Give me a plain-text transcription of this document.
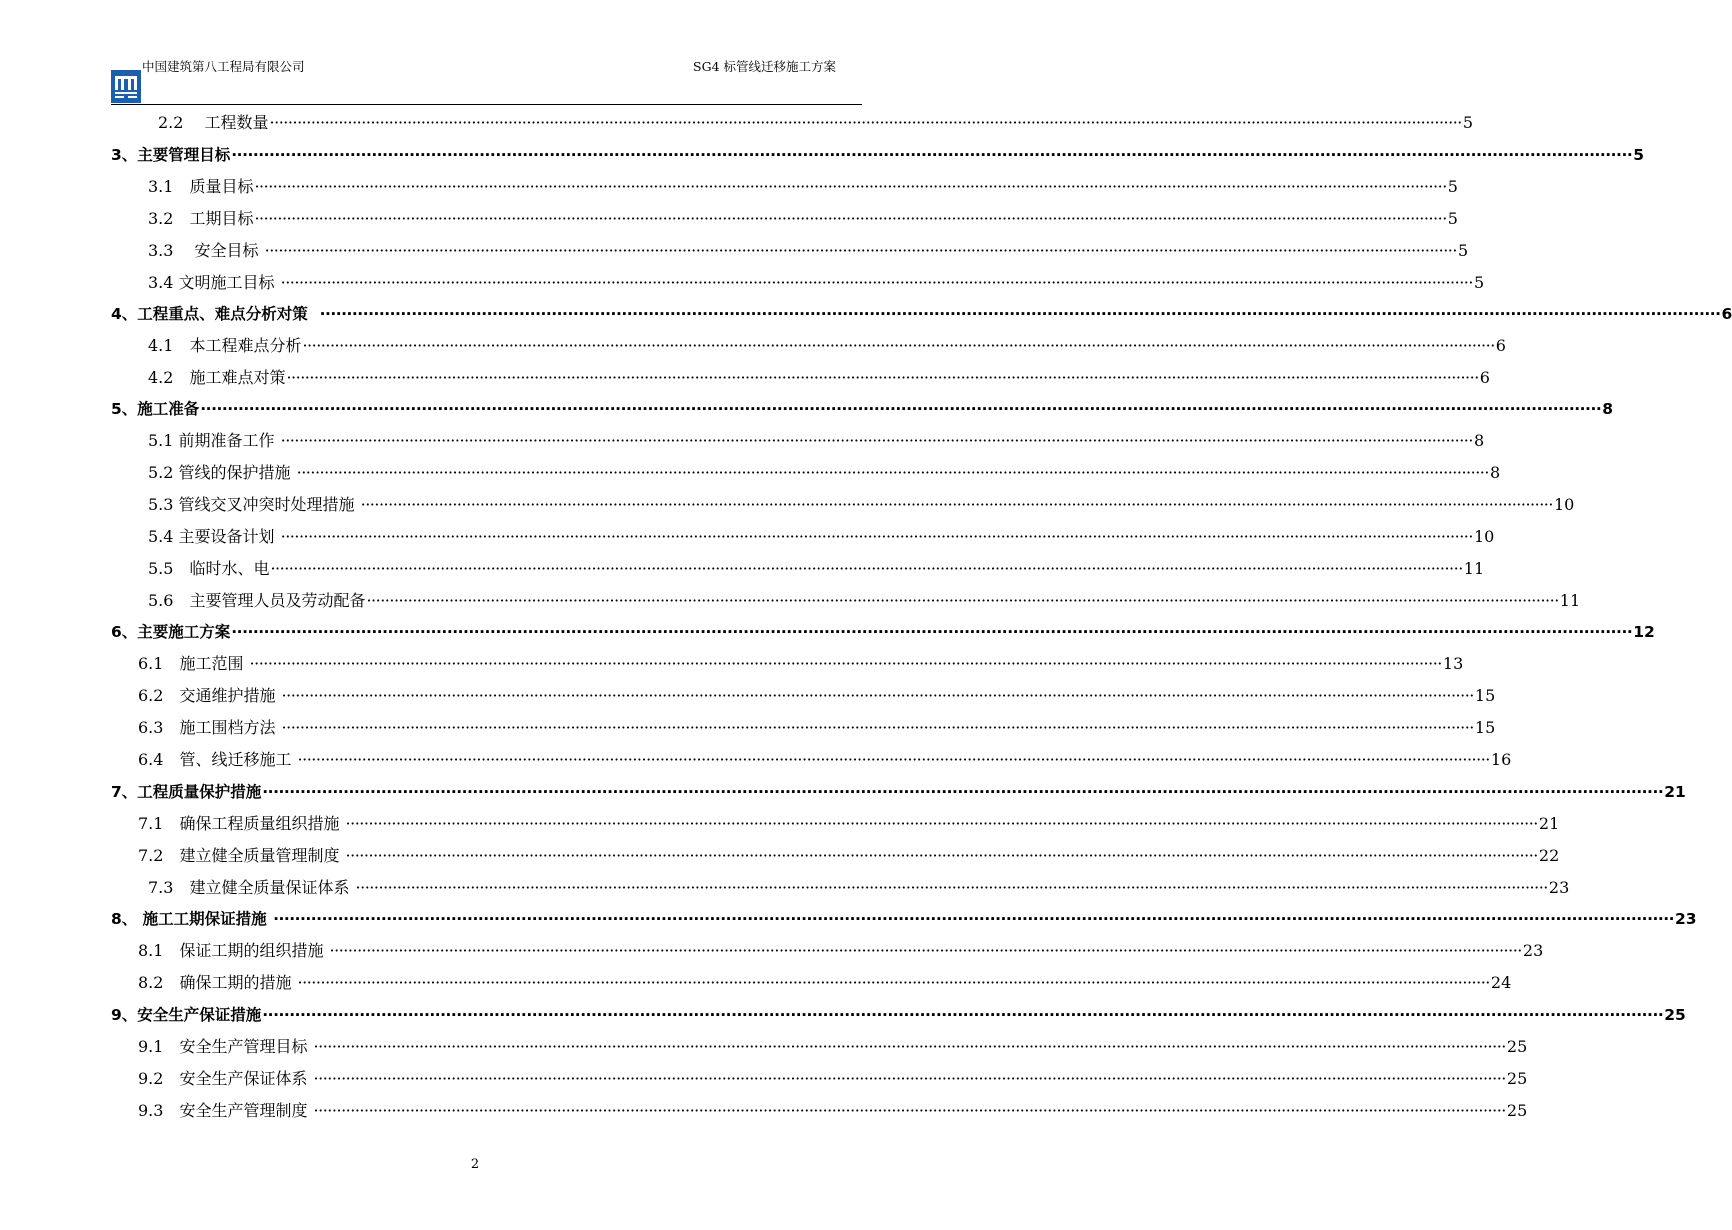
中国建筑第八工程局有限公司	SG4 标管线迁移施工方案
2.2　 工程数量 ···································································································································································································································································· 5
3、主要管理目标 ···································································································································································································································································· 5
3.1　质量目标 ···································································································································································································································································· 5
3.2　工期目标 ···································································································································································································································································· 5
3.3　 安全目标 ···································································································································································································································································· 5
3.4 文明施工目标 ···································································································································································································································································· 5
4、工程重点、难点分析对策 ···································································································································································································································································· 6
4.1　本工程难点分析 ···································································································································································································································································· 6
4.2　施工难点对策 ···································································································································································································································································· 6
5、施工准备 ···································································································································································································································································· 8
5.1 前期准备工作 ···································································································································································································································································· 8
5.2 管线的保护措施 ···································································································································································································································································· 8
5.3 管线交叉冲突时处理措施 ···································································································································································································································································· 10
5.4 主要设备计划 ···································································································································································································································································· 10
5.5　临时水、电 ···································································································································································································································································· 11
5.6　主要管理人员及劳动配备 ···································································································································································································································································· 11
6、主要施工方案 ···································································································································································································································································· 12
6.1　施工范围 ···································································································································································································································································· 13
6.2　交通维护措施 ···································································································································································································································································· 15
6.3　施工围档方法 ···································································································································································································································································· 15
6.4　管、线迁移施工 ···································································································································································································································································· 16
7、工程质量保护措施 ···································································································································································································································································· 21
7.1　确保工程质量组织措施 ···································································································································································································································································· 21
7.2　建立健全质量管理制度 ···································································································································································································································································· 22
7.3　建立健全质量保证体系 ···································································································································································································································································· 23
8、 施工工期保证措施 ···································································································································································································································································· 23
8.1　保证工期的组织措施 ···································································································································································································································································· 23
8.2　确保工期的措施 ···································································································································································································································································· 24
9、安全生产保证措施 ···································································································································································································································································· 25
9.1　安全生产管理目标 ···································································································································································································································································· 25
9.2　安全生产保证体系 ···································································································································································································································································· 25
9.3　安全生产管理制度 ···································································································································································································································································· 25
2
